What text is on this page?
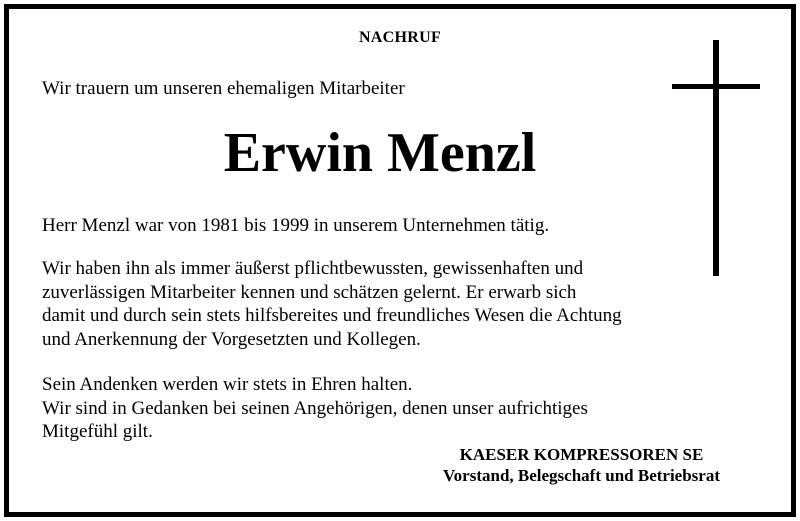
NACHRUF
Wir trauern um unseren ehemaligen Mitarbeiter
Erwin Menzl
Herr Menzl war von 1981 bis 1999 in unserem Unternehmen tätig.
Wir haben ihn als immer äußerst pflichtbewussten, gewissenhaften und
zuverlässigen Mitarbeiter kennen und schätzen gelernt. Er erwarb sich
damit und durch sein stets hilfsbereites und freundliches Wesen die Achtung
und Anerkennung der Vorgesetzten und Kollegen.
Sein Andenken werden wir stets in Ehren halten.
Wir sind in Gedanken bei seinen Angehörigen, denen unser aufrichtiges
Mitgefühl gilt.
KAESER KOMPRESSOREN SE
Vorstand, Belegschaft und Betriebsrat
